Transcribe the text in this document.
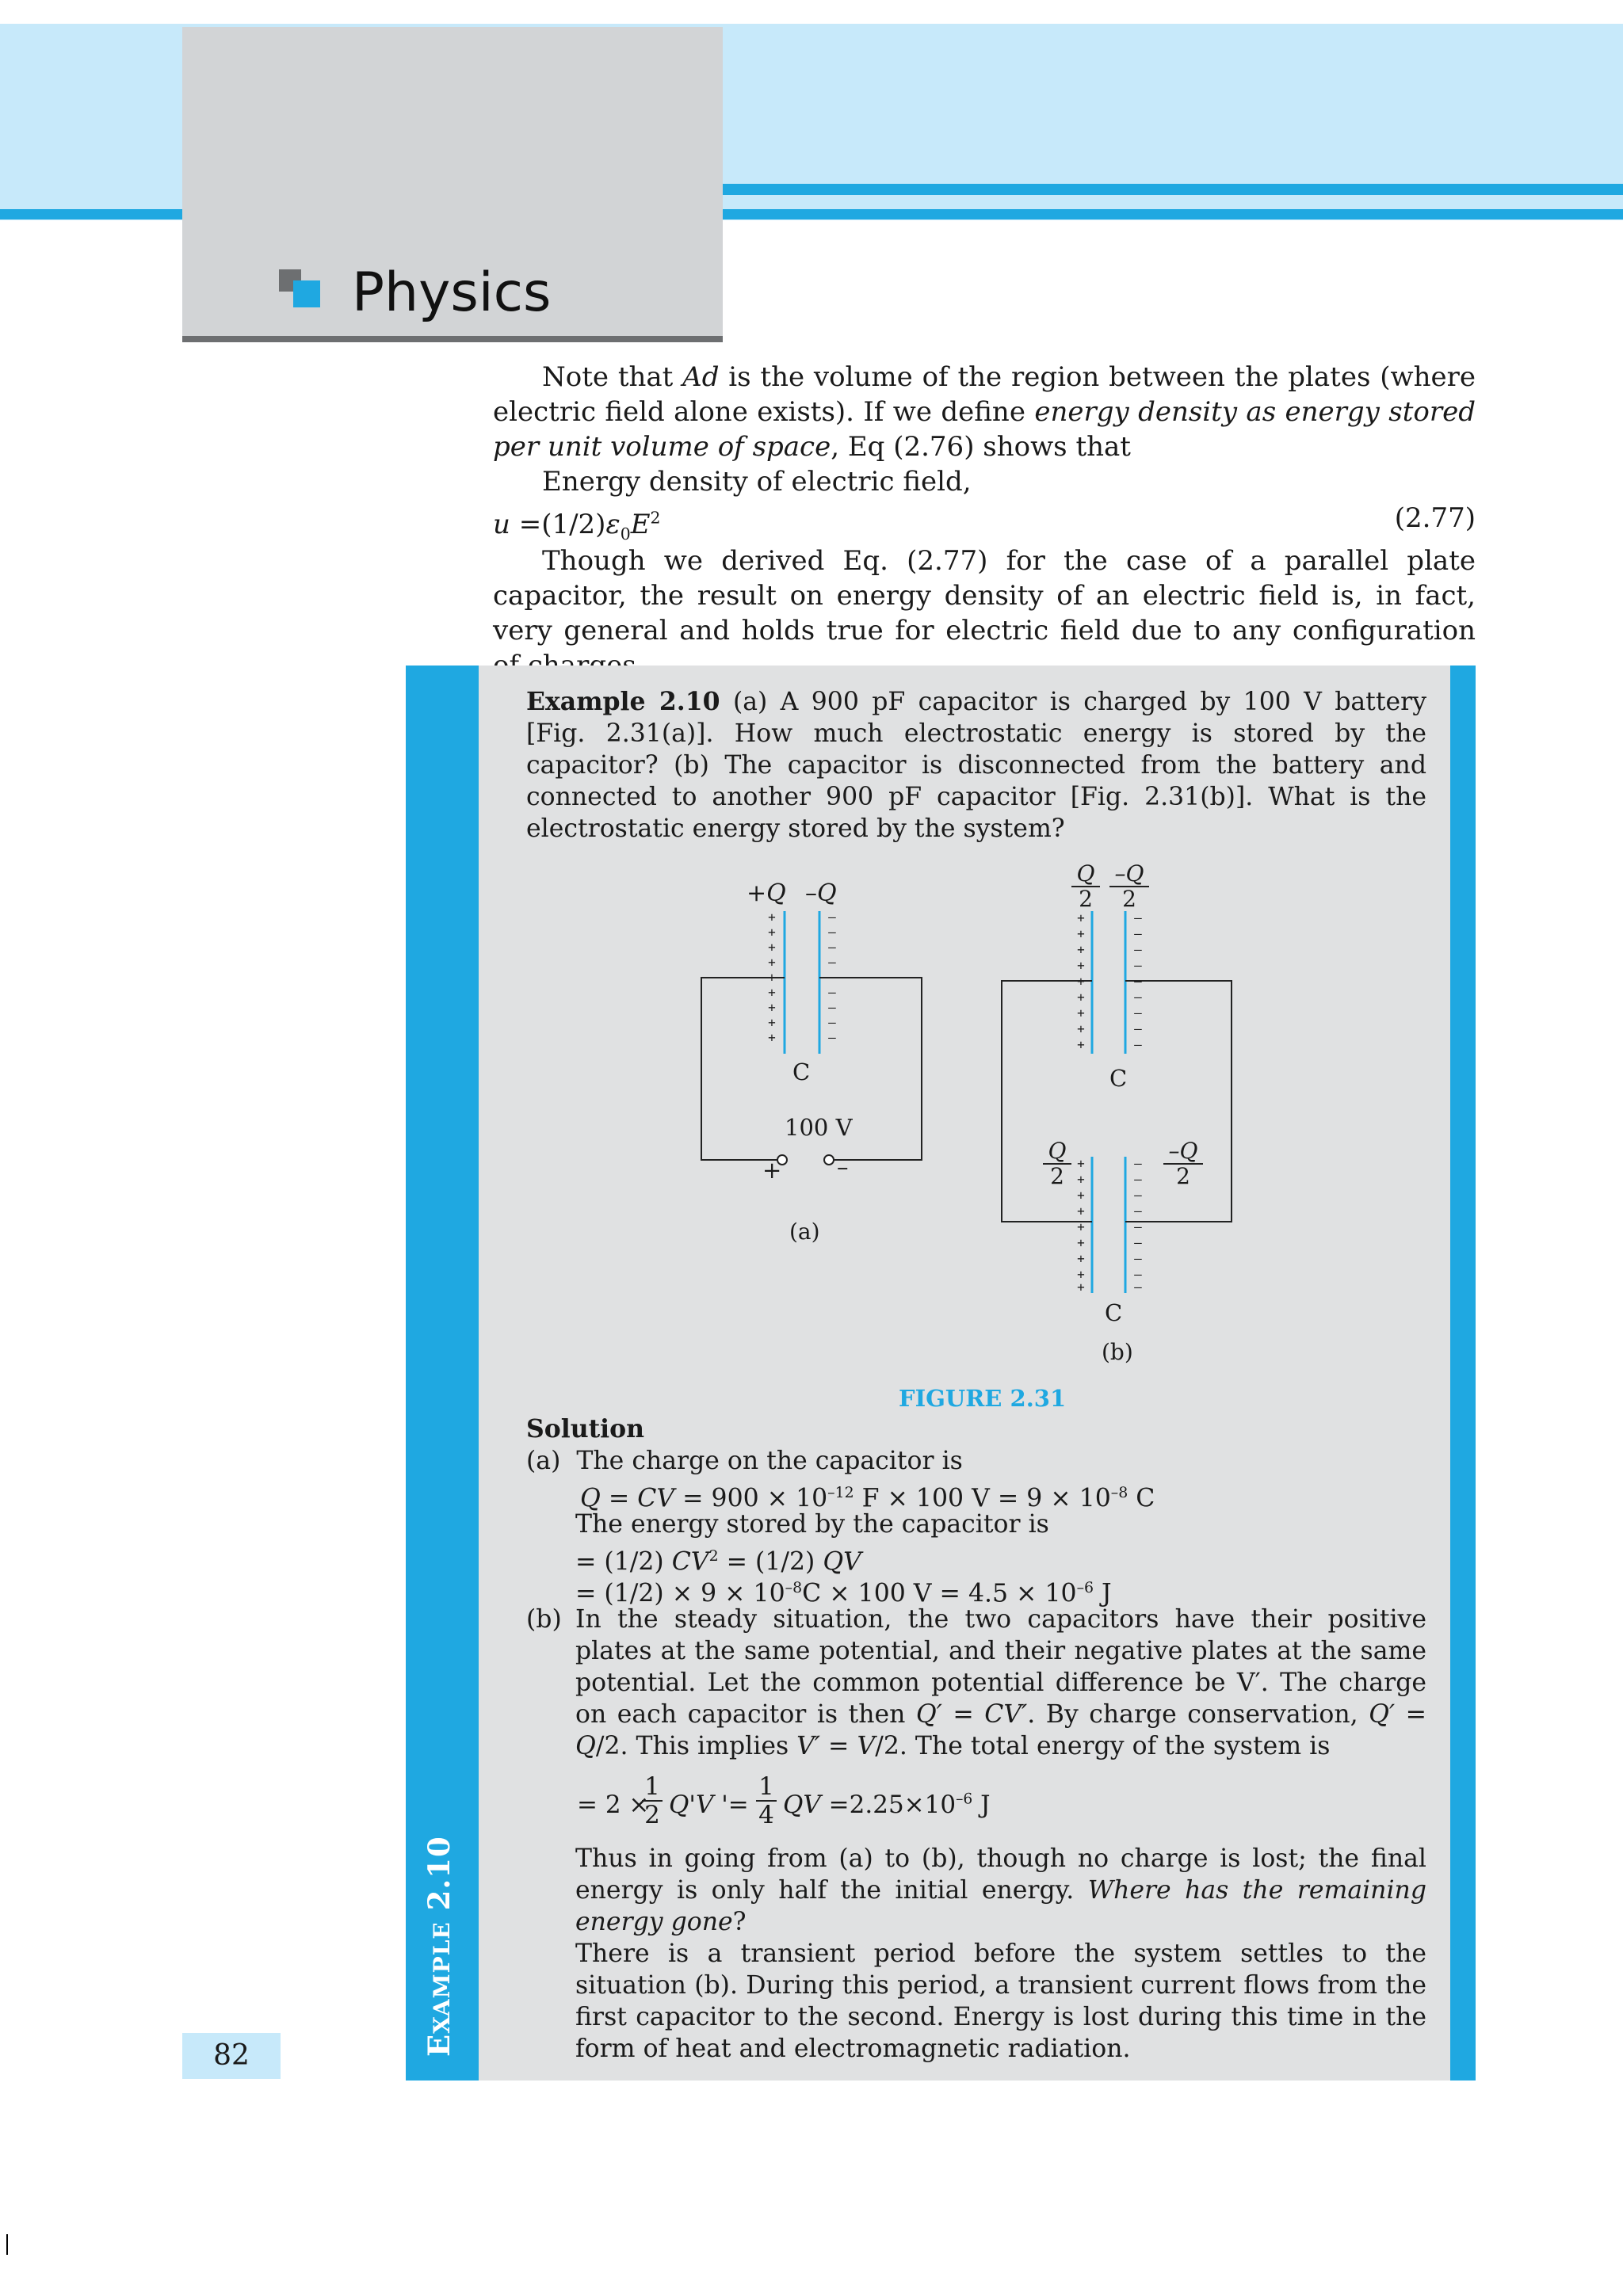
Physics
Note that Ad is the volume of the region between the plates (where electric field alone exists). If we define energy density as energy stored per unit volume of space, Eq (2.76) shows that
Energy density of electric field,
$u =(1/2)\varepsilon_0E^2$	(2.77)
Though we derived Eq. (2.77) for the case of a parallel plate capacitor, the result on energy density of an electric field is, in fact, very general and holds true for electric field due to any configuration
EXAMPLE 2.10
Example 2.10 (a) A 900 pF capacitor is charged by 100 V battery [Fig. 2.31(a)]. How much electrostatic energy is stored by the capacitor? (b) The capacitor is disconnected from the battery and connected to another 900 pF capacitor [Fig. 2.31(b)]. What is the electrostatic energy stored by the system?
+
+
+
+
+
+
+
+
+
–
–
–
–
–
–
–
–
–
+Q –Q
C
100 V
+ –
(a)
+
+
+
+
+
+
+
+
+
–
–
–
–
–
–
–
–
–
+
+
+
+
+
+
+
+
+
–
–
–
–
–
–
–
–
–
$\frac{Q}{2} \frac{-Q}{2}$
C
$\frac{Q}{2}$	$\frac{-Q}{2}$
C
(b)
FIGURE 2.31
Solution
(a)  The charge on the capacitor is
Q = CV = $900 \times 10^{-12}$ F × 100 $V = 9 \times 10^{-8}$ C
The energy stored by the capacitor is
= (1/2) $CV^2 = (1/2)$ QV
= $(1/2) \times 9 \times 10^{-8}C \times 100$ $V = 4.5 \times 10^{-6}$ J
(b) In the steady situation, the two capacitors have their positive plates at the same potential, and their negative plates at the same potential. Let the common potential difference be V′. The charge on each capacitor is then Q′ = CV′. By charge conservation, Q′ = Q/2. This implies V′ = V/2. The total energy of the system is
= 2 ×
$\frac{1}{2} Q'V$ '= $\frac{1}{4}$ QV $=2.25\times 10^{-6}$ J
Thus in going from (a) to (b), though no charge is lost; the final energy is only half the initial energy. Where has the remaining energy gone?
There is a transient period before the system settles to the situation (b). During this period, a transient current flows from the first capacitor to the second. Energy is lost during this time in the form of heat and electromagnetic radiation.
82
